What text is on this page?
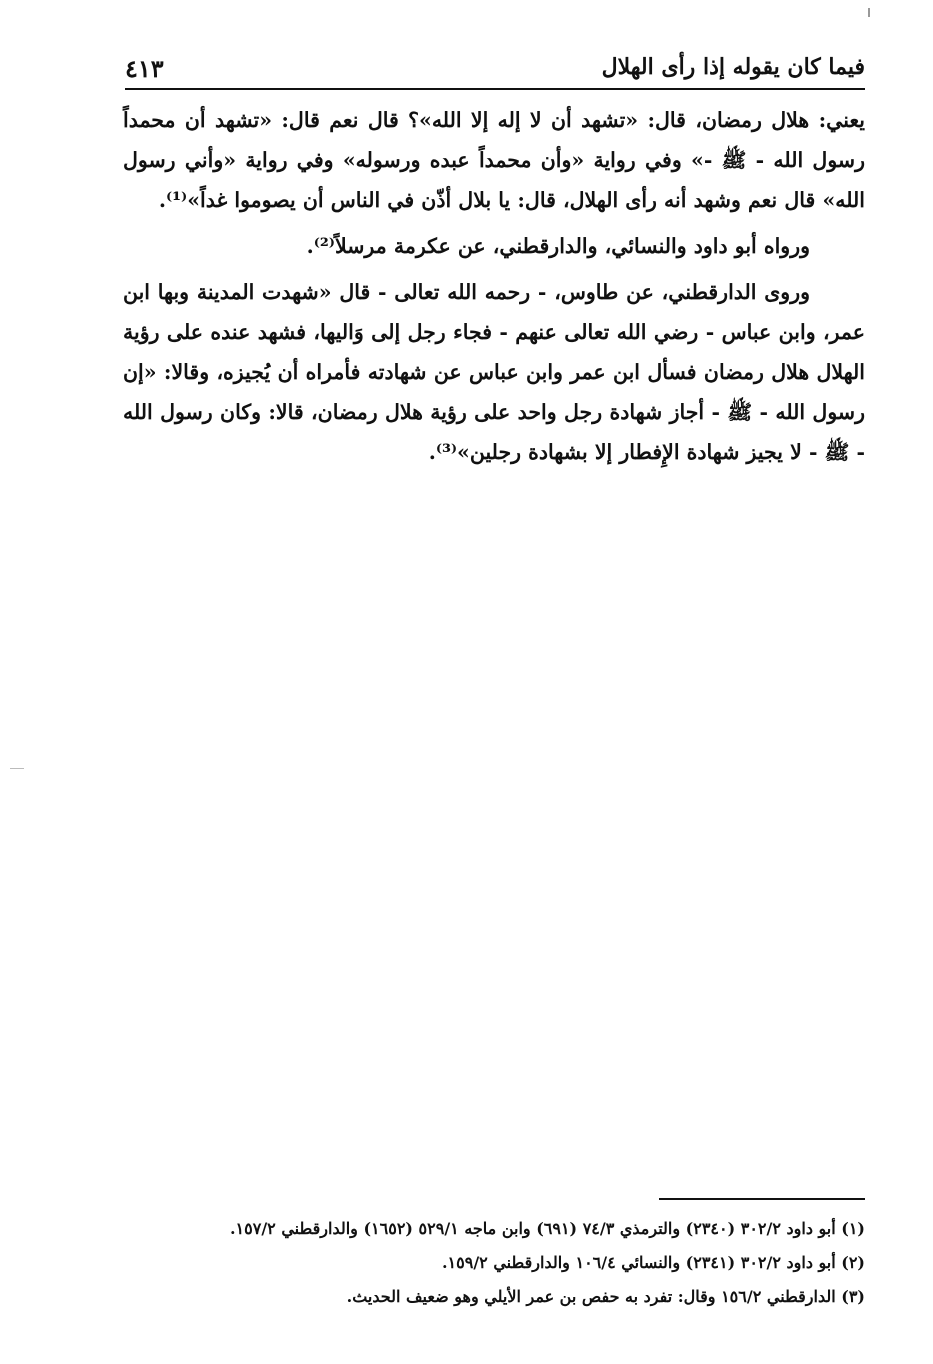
فيما كان يقوله إذا رأى الهلال
٤١٣

يعني: هلال رمضان، قال: «تشهد أن لا إله إلا الله»؟ قال نعم قال: «تشهد أن محمداً رسول الله - ﷺ -» وفي رواية «وأن محمداً عبده ورسوله» وفي رواية «وأني رسول الله» قال نعم وشهد أنه رأى الهلال، قال: يا بلال أذّن في الناس أن يصوموا غداً»⁽¹⁾.

ورواه أبو داود والنسائي، والدارقطني، عن عكرمة مرسلاً⁽²⁾.

وروى الدارقطني، عن طاوس، - رحمه الله تعالى - قال «شهدت المدينة وبها ابن عمر، وابن عباس - رضي الله تعالى عنهم - فجاء رجل إلى وَاليها، فشهد عنده على رؤية الهلال هلال رمضان فسأل ابن عمر وابن عباس عن شهادته فأمراه أن يُجيزه، وقالا: «إن رسول الله - ﷺ - أجاز شهادة رجل واحد على رؤية هلال رمضان، قالا: وكان رسول الله - ﷺ - لا يجيز شهادة الإِفطار إلا بشهادة رجلين»⁽³⁾.

(١) أبو داود ٣٠٢/٢ (٢٣٤٠) والترمذي ٧٤/٣ (٦٩١) وابن ماجه ٥٢٩/١ (١٦٥٢) والدارقطني ١٥٧/٢.

(٢) أبو داود ٣٠٢/٢ (٢٣٤١) والنسائي ١٠٦/٤ والدارقطني ١٥٩/٢.

(٣) الدارقطني ١٥٦/٢ وقال: تفرد به حفص بن عمر الأيلي وهو ضعيف الحديث.
